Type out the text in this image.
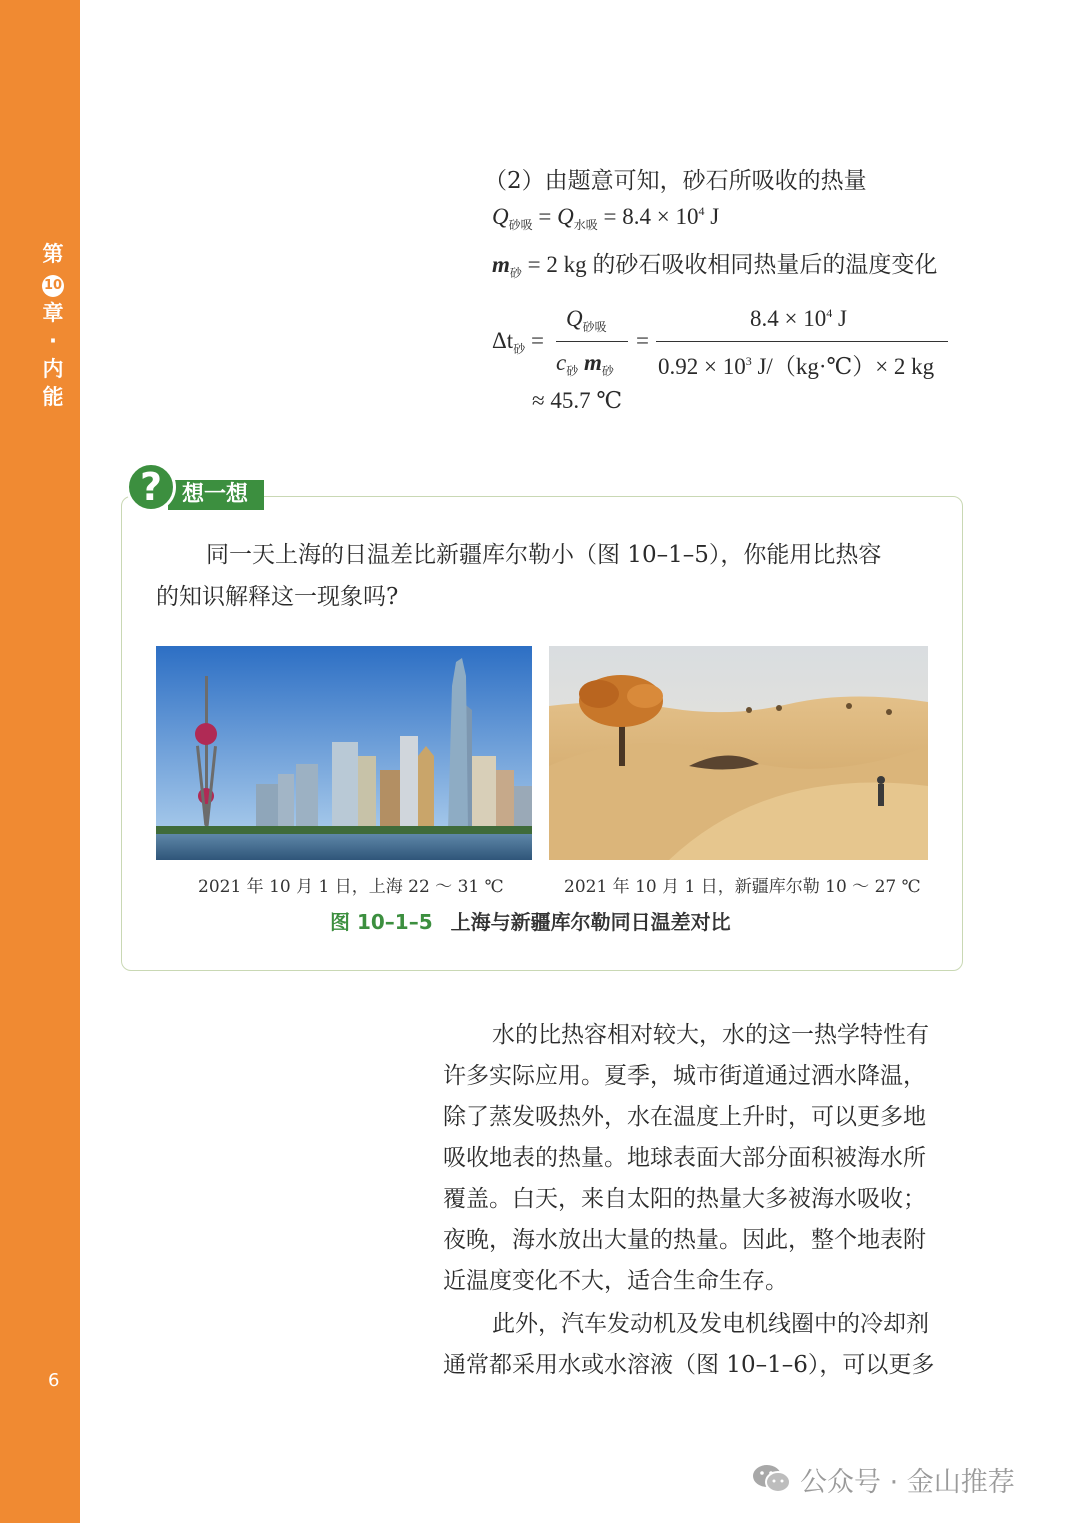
第
10
章
·
内
能
6
（2）由题意可知，砂石所吸收的热量
$Q_{砂吸} = Q_{水吸} = 8.4 \times 10^4$ J
$m_砂 = 2$ kg 的砂石吸收相同热量后的温度变化
$\Delta t_砂$ =
$Q_{砂吸}$
$c_砂$ $m_砂$
=
$8.4 \times 10^4$ J
$0.92 \times 10^3$ J/（kg·℃）× 2 kg
≈ 45.7 ℃
想一想
?
同一天上海的日温差比新疆库尔勒小（图 10–1–5），你能用比热容
的知识解释这一现象吗?
2021 年 10 月 1 日，上海 22 ～ 31 ℃	2021 年 10 月 1 日，新疆库尔勒 10 ～ 27 ℃
图 10–1–5 上海与新疆库尔勒同日温差对比
水的比热容相对较大，水的这一热学特性有
许多实际应用。夏季，城市街道通过洒水降温，
除了蒸发吸热外，水在温度上升时，可以更多地
吸收地表的热量。地球表面大部分面积被海水所
覆盖。白天，来自太阳的热量大多被海水吸收；
夜晚，海水放出大量的热量。因此，整个地表附
近温度变化不大，适合生命生存。
此外，汽车发动机及发电机线圈中的冷却剂
通常都采用水或水溶液（图 10–1–6），可以更多
公众号 · 金山推荐
